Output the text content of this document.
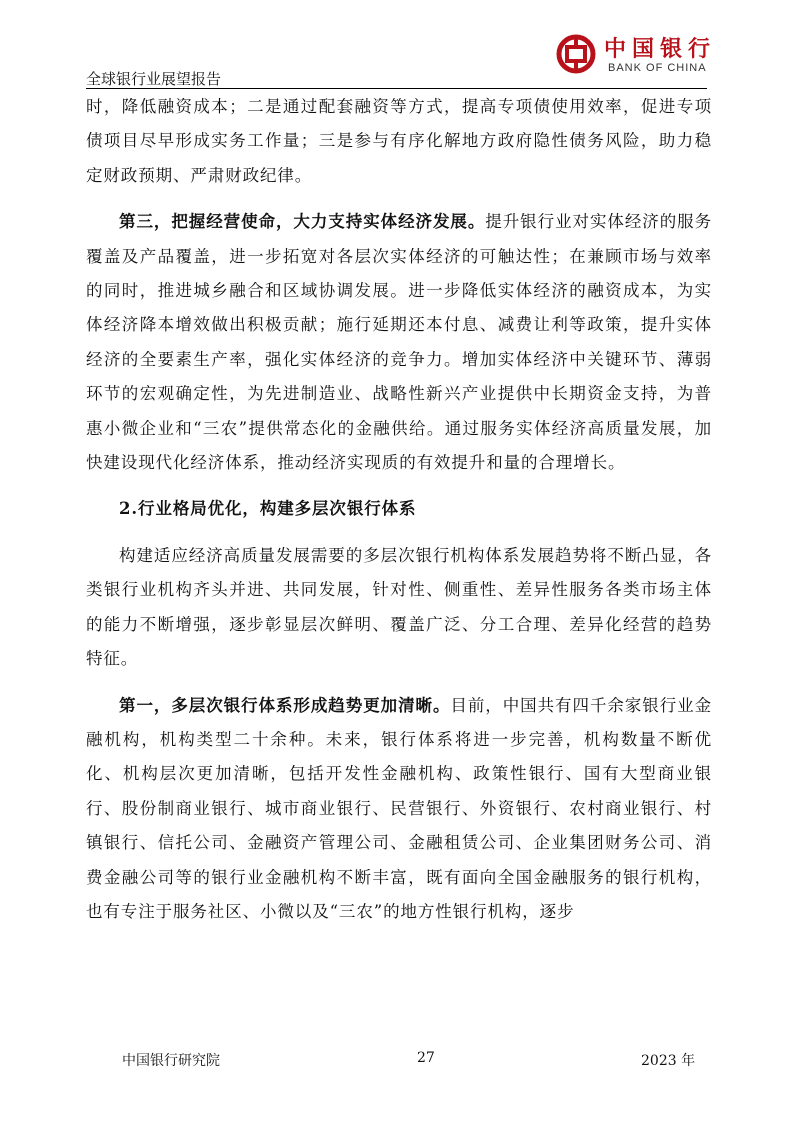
中国银行
BANK OF CHINA
全球银行业展望报告

时，降低融资成本；二是通过配套融资等方式，提高专项债使用效率，促进专项债项目尽早形成实务工作量；三是参与有序化解地方政府隐性债务风险，助力稳定财政预期、严肃财政纪律。

第三，把握经营使命，大力支持实体经济发展。提升银行业对实体经济的服务覆盖及产品覆盖，进一步拓宽对各层次实体经济的可触达性；在兼顾市场与效率的同时，推进城乡融合和区域协调发展。进一步降低实体经济的融资成本，为实体经济降本增效做出积极贡献；施行延期还本付息、减费让利等政策，提升实体经济的全要素生产率，强化实体经济的竞争力。增加实体经济中关键环节、薄弱环节的宏观确定性，为先进制造业、战略性新兴产业提供中长期资金支持，为普惠小微企业和“三农”提供常态化的金融供给。通过服务实体经济高质量发展，加快建设现代化经济体系，推动经济实现质的有效提升和量的合理增长。

2.行业格局优化，构建多层次银行体系

构建适应经济高质量发展需要的多层次银行机构体系发展趋势将不断凸显，各类银行业机构齐头并进、共同发展，针对性、侧重性、差异性服务各类市场主体的能力不断增强，逐步彰显层次鲜明、覆盖广泛、分工合理、差异化经营的趋势特征。

第一，多层次银行体系形成趋势更加清晰。目前，中国共有四千余家银行业金融机构，机构类型二十余种。未来，银行体系将进一步完善，机构数量不断优化、机构层次更加清晰，包括开发性金融机构、政策性银行、国有大型商业银行、股份制商业银行、城市商业银行、民营银行、外资银行、农村商业银行、村镇银行、信托公司、金融资产管理公司、金融租赁公司、企业集团财务公司、消费金融公司等的银行业金融机构不断丰富，既有面向全国金融服务的银行机构，也有专注于服务社区、小微以及“三农”的地方性银行机构，逐步

中国银行研究院	27	2023 年
